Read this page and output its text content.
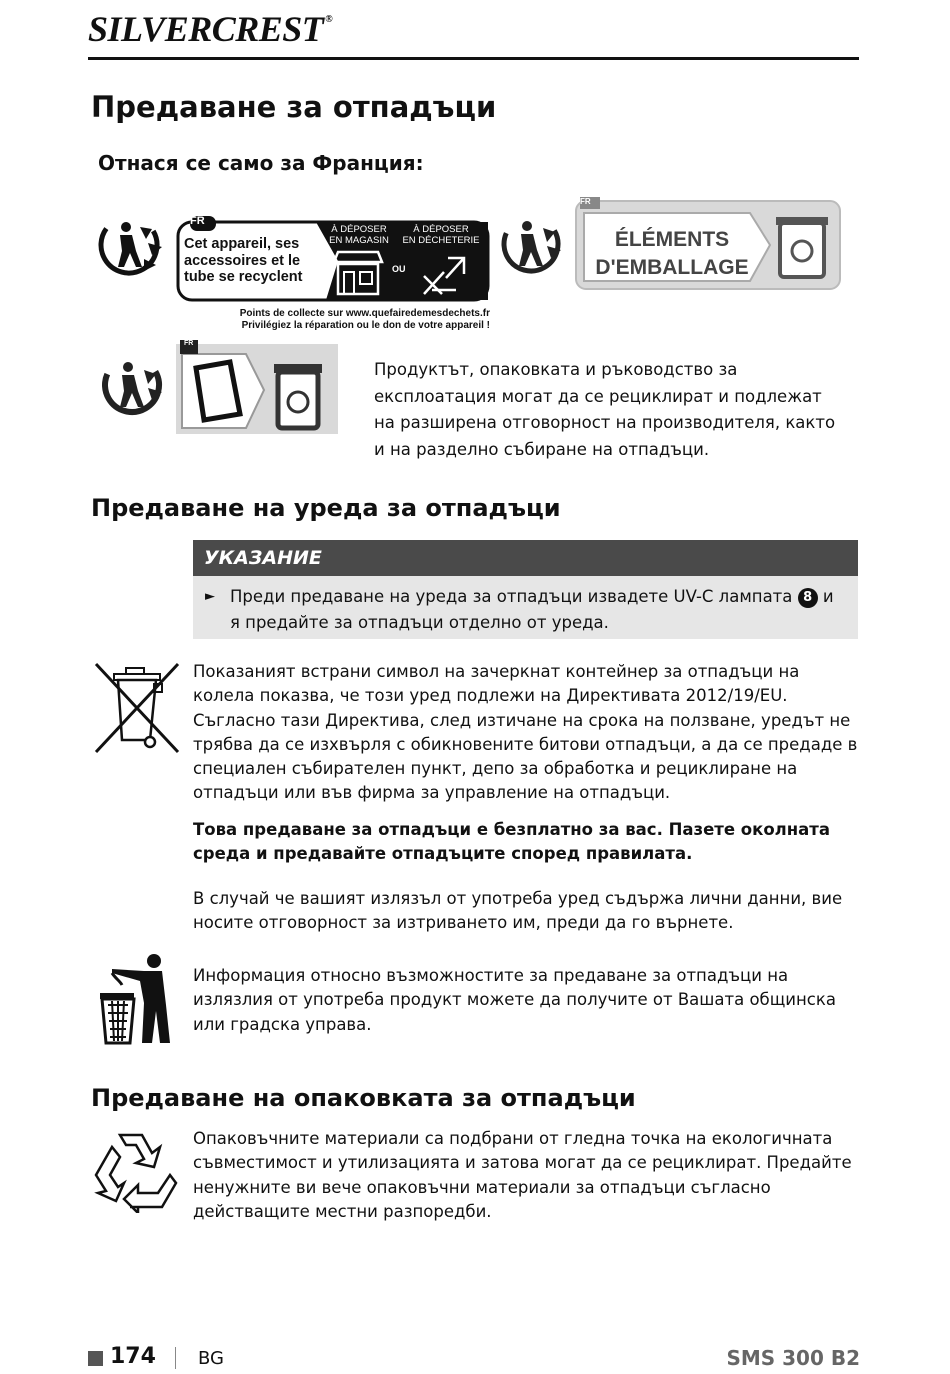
SILVERCREST ®
Предаване за отпадъци
Отнася се само за Франция:
FR
Cet appareil, ses
accessoires et le
tube se recyclent
À DÉPOSER
EN MAGASIN
À DÉPOSER
EN DÉCHETERIE
OU
Points de collecte sur www.quefairedemesdechets.fr
Privilégiez la réparation ou le don de votre appareil !
FR
ÉLÉMENTS
D'EMBALLAGE
FR
Продуктът, опаковката и ръководство за експлоатация могат да се рециклират и подлежат на разширена отговорност на производителя, както и на разделно събиране на отпадъци.
Предаване на уреда за отпадъци
УКАЗАНИЕ
► Преди предаване на уреда за отпадъци извадете UV-C лампата 8 и я предайте за отпадъци отделно от уреда.
Показаният встрани символ на зачеркнат контейнер за отпадъци на колела показва, че този уред подлежи на Директивата 2012/19/EU. Съгласно тази Директива, след изтичане на срока на ползване, уредът не трябва да се изхвърля с обикновените битови отпадъци, а да се предаде в специален събирателен пункт, депо за обработка и рециклиране на отпадъци или във фирма за управление на отпадъци.
Това предаване за отпадъци е безплатно за вас. Пазете околната среда и предавайте отпадъците според правилата.
В случай че вашият излязъл от употреба уред съдържа лични данни, вие носите отговорност за изтриването им, преди да го върнете.
Информация относно възможностите за предаване за отпадъци на излязлия от употреба продукт можете да получите от Вашата общинска или градска управа.
Предаване на опаковката за отпадъци
Опаковъчните материали са подбрани от гледна точка на екологичната съвместимост и утилизацията и затова могат да се рециклират. Предайте ненужните ви вече опаковъчни материали за отпадъци съгласно действащите местни разпоредби.
174 BG	SMS 300 B2
